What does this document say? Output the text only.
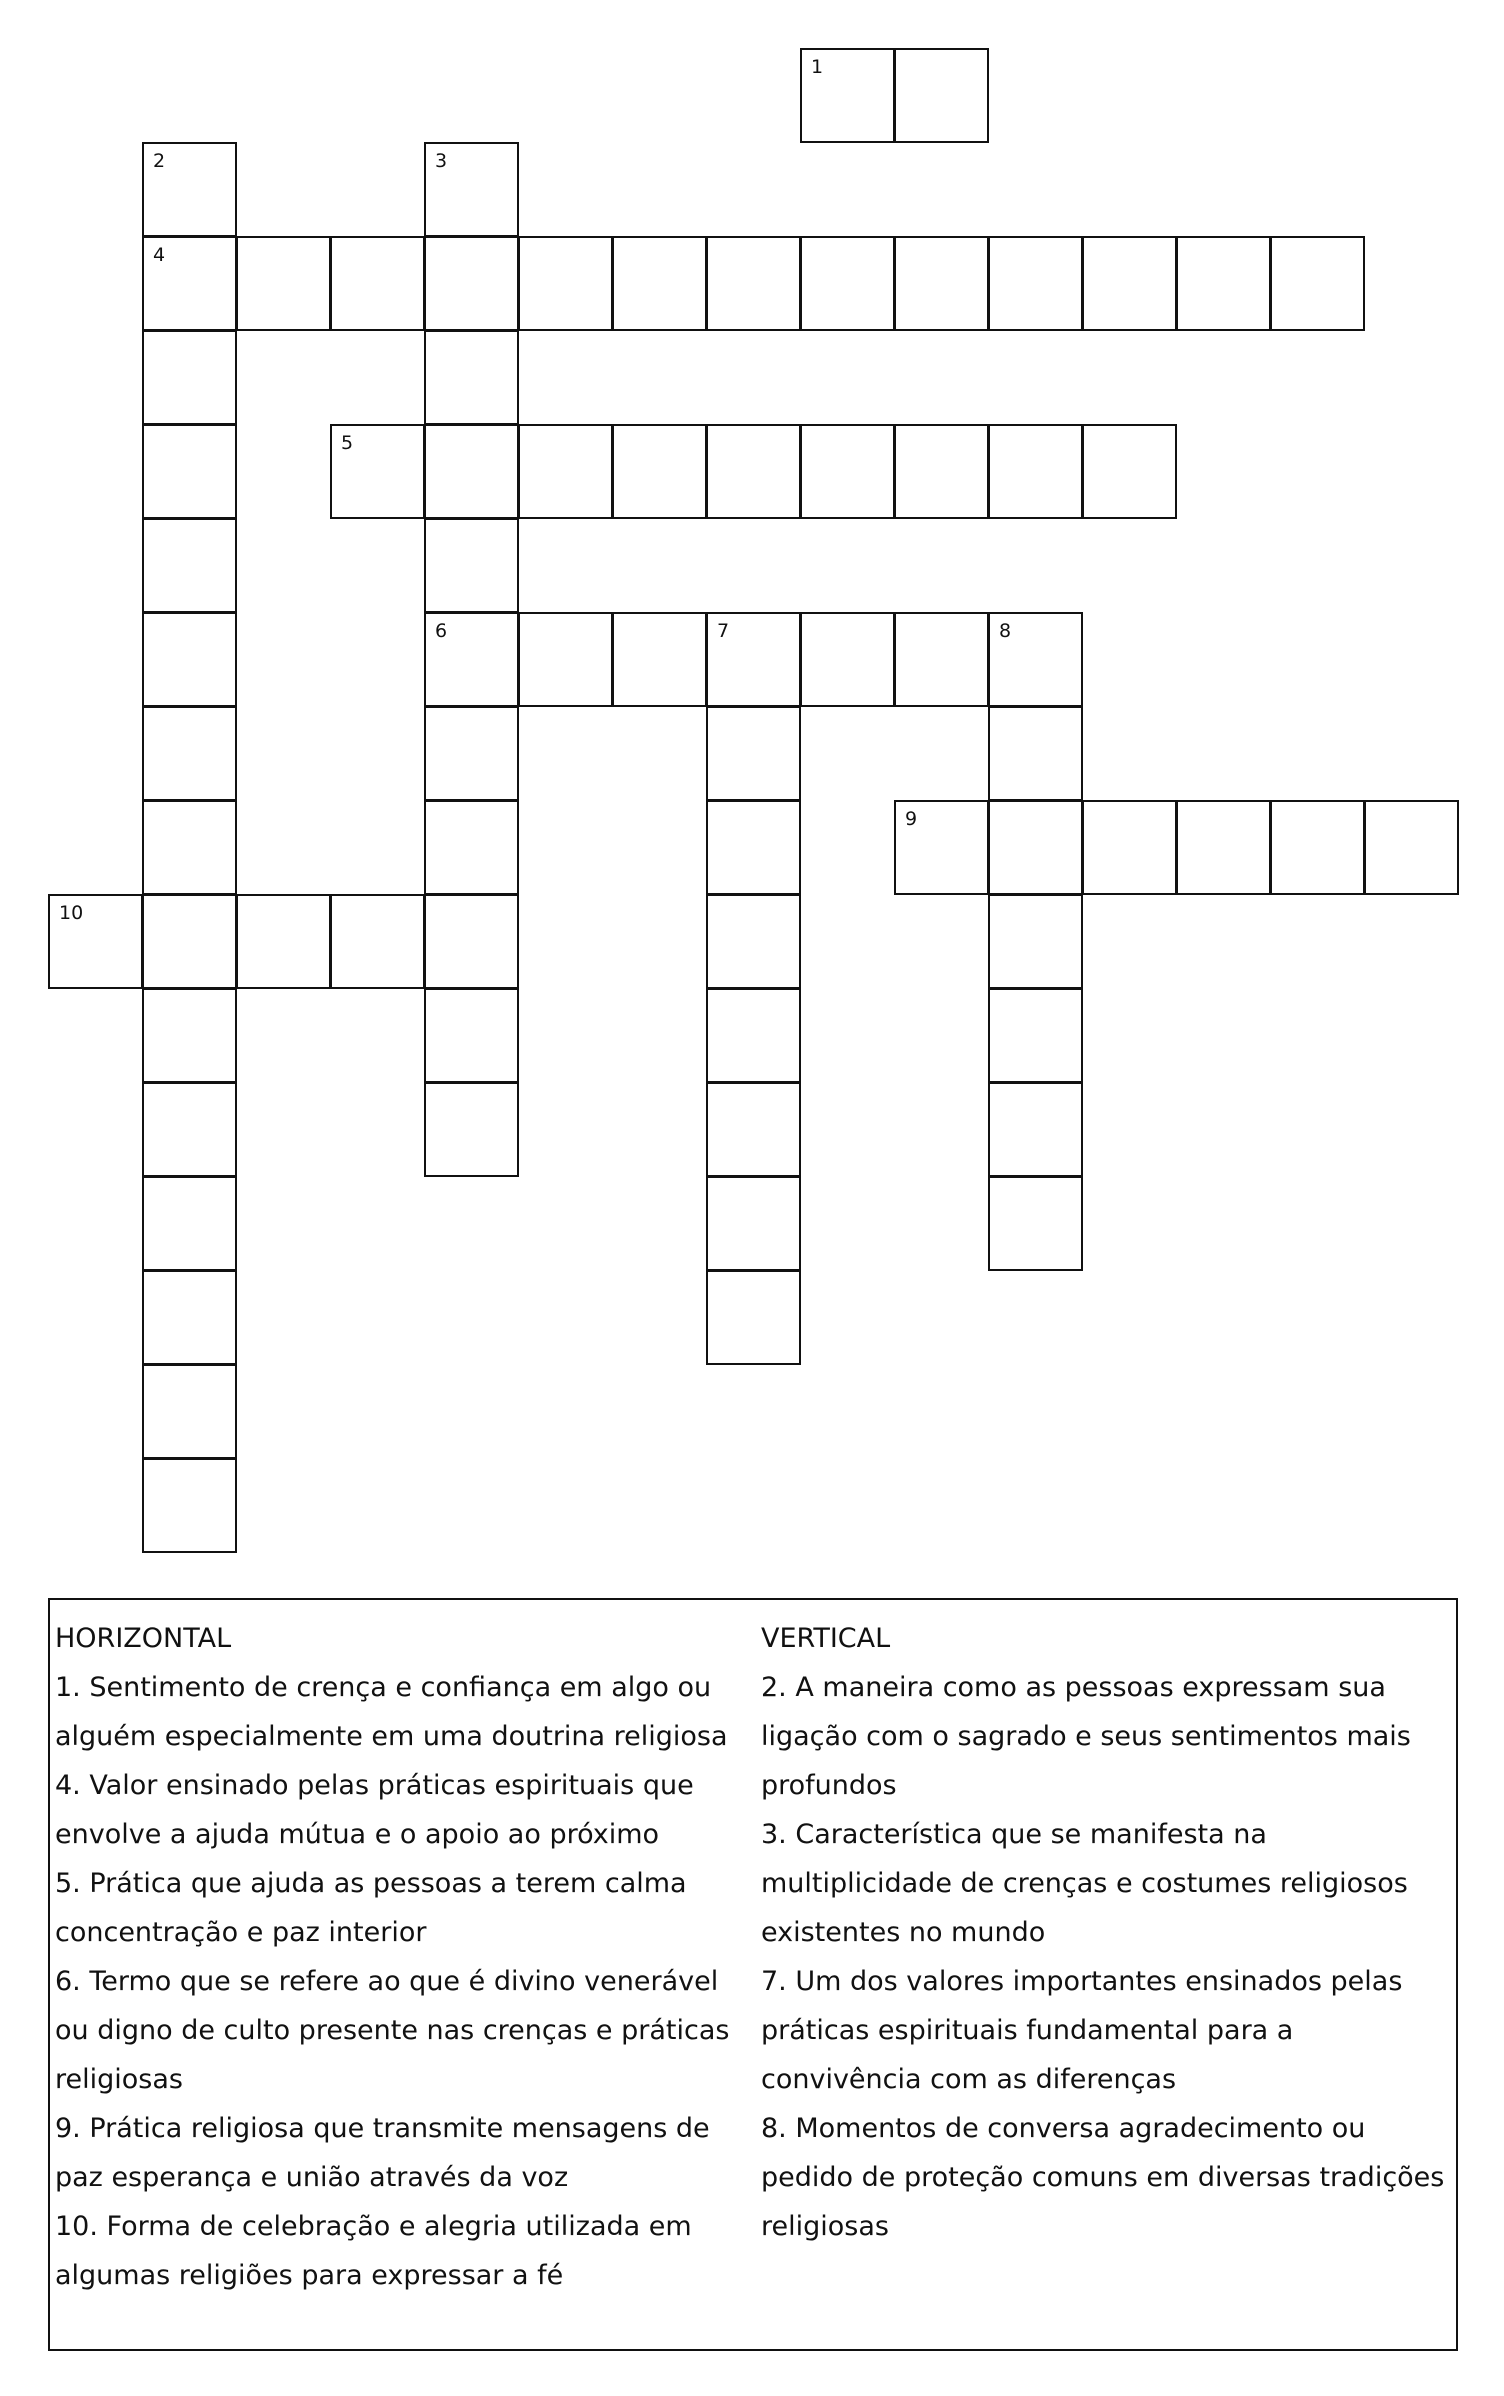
1
2
4
3
6
5
7	8
9
10
HORIZONTAL
1. Sentimento de crença e confiança em algo ou alguém especialmente em uma doutrina religiosa
4. Valor ensinado pelas práticas espirituais que envolve a ajuda mútua e o apoio ao próximo
5. Prática que ajuda as pessoas a terem calma concentração e paz interior
6. Termo que se refere ao que é divino venerável ou digno de culto presente nas crenças e práticas religiosas
9. Prática religiosa que transmite mensagens de paz esperança e união através da voz
10. Forma de celebração e alegria utilizada em algumas religiões para expressar a fé
VERTICAL
2. A maneira como as pessoas expressam sua ligação com o sagrado e seus sentimentos mais profundos
3. Característica que se manifesta na multiplicidade de crenças e costumes religiosos existentes no mundo
7. Um dos valores importantes ensinados pelas práticas espirituais fundamental para a convivência com as diferenças
8. Momentos de conversa agradecimento ou pedido de proteção comuns em diversas tradições religiosas
